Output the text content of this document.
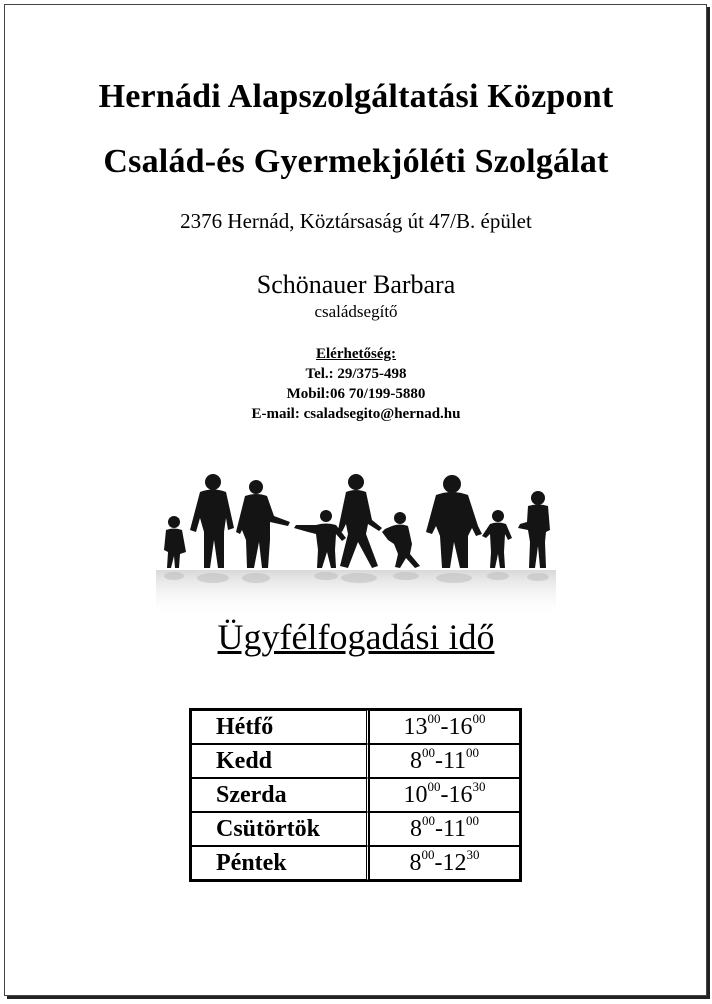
Hernádi Alapszolgáltatási Központ
Család-és Gyermekjóléti Szolgálat
2376 Hernád, Köztársaság út 47/B. épület
Schönauer Barbara
családsegítő
Elérhetőség:
Tel.: 29/375-498
Mobil:06 70/199-5880
E-mail: csaladsegito@hernad.hu
Ügyfélfogadási idő
Hétfő	$13^{00}-16^{00}$
Kedd	$8^{00}-11^{00}$
Szerda	$10^{00}-16^{30}$
Csütörtök	$8^{00}-11^{00}$
Péntek	$8^{00}-12^{30}$
